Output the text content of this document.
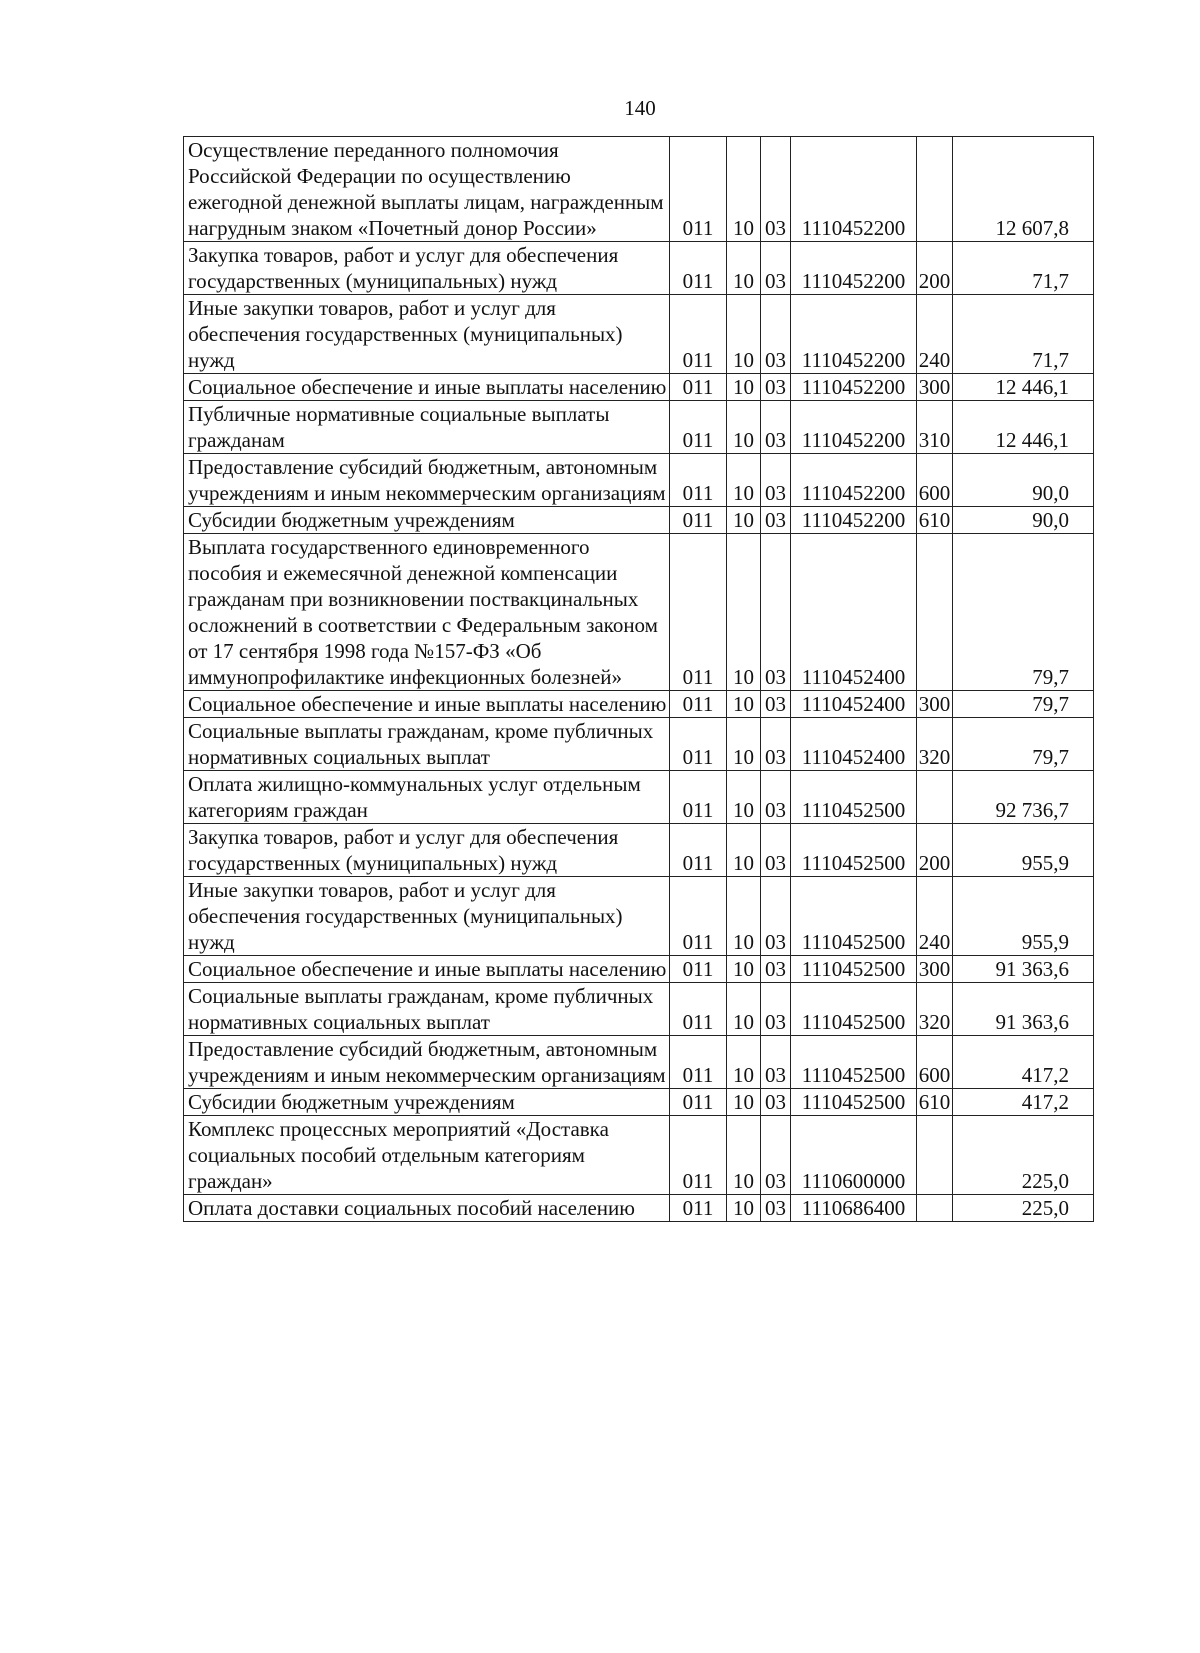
140
Осуществление переданного полномочия Российской Федерации по осуществлению ежегодной денежной выплаты лицам, награжденным нагрудным знаком «Почетный донор России»	011	10	03	1110452200		12 607,8
Закупка товаров, работ и услуг для обеспечения государственных (муниципальных) нужд	011	10	03	1110452200	200	71,7
Иные закупки товаров, работ и услуг для обеспечения государственных (муниципальных) нужд	011	10	03	1110452200	240	71,7
Социальное обеспечение и иные выплаты населению	011	10	03	1110452200	300	12 446,1
Публичные нормативные социальные выплаты гражданам	011	10	03	1110452200	310	12 446,1
Предоставление субсидий бюджетным, автономным учреждениям и иным некоммерческим организациям	011	10	03	1110452200	600	90,0
Субсидии бюджетным учреждениям	011	10	03	1110452200	610	90,0
Выплата государственного единовременного пособия и ежемесячной денежной компенсации гражданам при возникновении поствакцинальных осложнений в соответствии с Федеральным законом от 17 сентября 1998 года №157-ФЗ «Об иммунопрофилактике инфекционных болезней»	011	10	03	1110452400		79,7
Социальное обеспечение и иные выплаты населению	011	10	03	1110452400	300	79,7
Социальные выплаты гражданам, кроме публичных нормативных социальных выплат	011	10	03	1110452400	320	79,7
Оплата жилищно-коммунальных услуг отдельным категориям граждан	011	10	03	1110452500		92 736,7
Закупка товаров, работ и услуг для обеспечения государственных (муниципальных) нужд	011	10	03	1110452500	200	955,9
Иные закупки товаров, работ и услуг для обеспечения государственных (муниципальных) нужд	011	10	03	1110452500	240	955,9
Социальное обеспечение и иные выплаты населению	011	10	03	1110452500	300	91 363,6
Социальные выплаты гражданам, кроме публичных нормативных социальных выплат	011	10	03	1110452500	320	91 363,6
Предоставление субсидий бюджетным, автономным учреждениям и иным некоммерческим организациям	011	10	03	1110452500	600	417,2
Субсидии бюджетным учреждениям	011	10	03	1110452500	610	417,2
Комплекс процессных мероприятий «Доставка социальных пособий отдельным категориям граждан»	011	10	03	1110600000		225,0
Оплата доставки социальных пособий населению	011	10	03	1110686400		225,0
